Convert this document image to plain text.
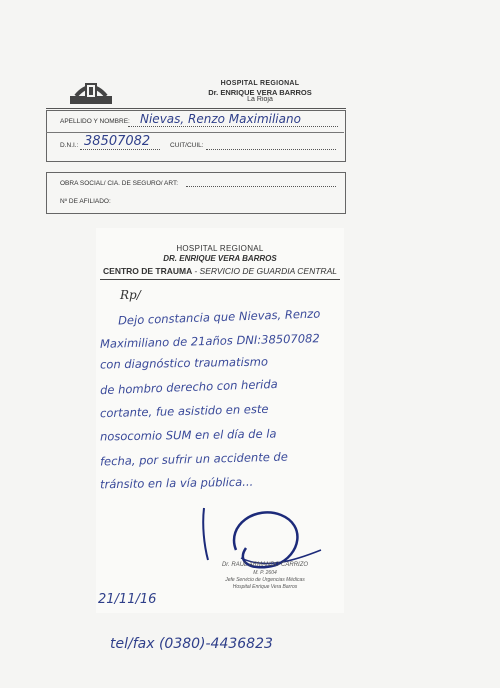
HOSPITAL REGIONAL
Dr. ENRIQUE VERA BARROS
La Rioja
APELLIDO Y NOMBRE: Nievas, Renzo Maximiliano
D.N.I.: 38507082	CUIT/CUIL:
OBRA SOCIAL/ CIA. DE SEGURO/ ART:
Nº DE AFILIADO:
HOSPITAL REGIONAL
DR. ENRIQUE VERA BARROS
CENTRO DE TRAUMA - SERVICIO DE GUARDIA CENTRAL
Rp/
Dejo constancia que Nievas, Renzo
Maximiliano de 21años DNI:38507082
con diagnóstico traumatismo
de hombro derecho con herida
cortante, fue asistido en este
nosocomio SUM en el día de la
fecha, por sufrir un accidente de
tránsito en la vía pública...
Dr. RAUL ARMANDO CARRIZO
M. P. 2604
Jefe Servicio de Urgencias Médicas
Hospital Enrique Vera Barros
21/11/16
tel/fax (0380)-4436823
